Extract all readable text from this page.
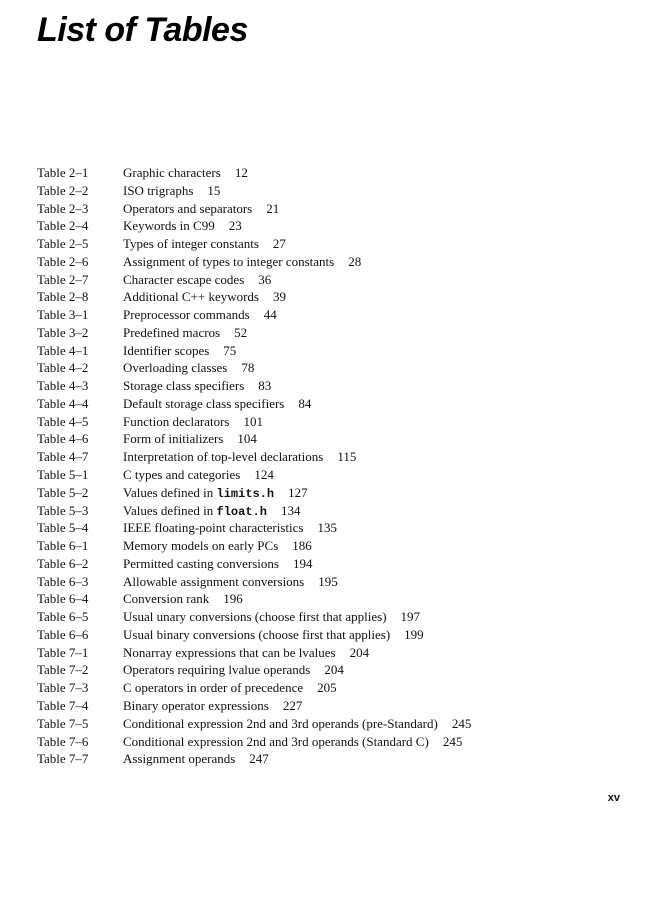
List of Tables
Table 2–1	Graphic characters 12
Table 2–2	ISO trigraphs 15
Table 2–3	Operators and separators 21
Table 2–4	Keywords in C99 23
Table 2–5	Types of integer constants 27
Table 2–6	Assignment of types to integer constants 28
Table 2–7	Character escape codes 36
Table 2–8	Additional C++ keywords 39
Table 3–1	Preprocessor commands 44
Table 3–2	Predefined macros 52
Table 4–1	Identifier scopes 75
Table 4–2	Overloading classes 78
Table 4–3	Storage class specifiers 83
Table 4–4	Default storage class specifiers 84
Table 4–5	Function declarators 101
Table 4–6	Form of initializers 104
Table 4–7	Interpretation of top-level declarations 115
Table 5–1	C types and categories 124
Table 5–2	Values defined in limits.h 127
Table 5–3	Values defined in float.h 134
Table 5–4	IEEE floating-point characteristics 135
Table 6–1	Memory models on early PCs 186
Table 6–2	Permitted casting conversions 194
Table 6–3	Allowable assignment conversions 195
Table 6–4	Conversion rank 196
Table 6–5	Usual unary conversions (choose first that applies) 197
Table 6–6	Usual binary conversions (choose first that applies) 199
Table 7–1	Nonarray expressions that can be lvalues 204
Table 7–2	Operators requiring lvalue operands 204
Table 7–3	C operators in order of precedence 205
Table 7–4	Binary operator expressions 227
Table 7–5	Conditional expression 2nd and 3rd operands (pre-Standard) 245
Table 7–6	Conditional expression 2nd and 3rd operands (Standard C) 245
Table 7–7	Assignment operands 247
xv
